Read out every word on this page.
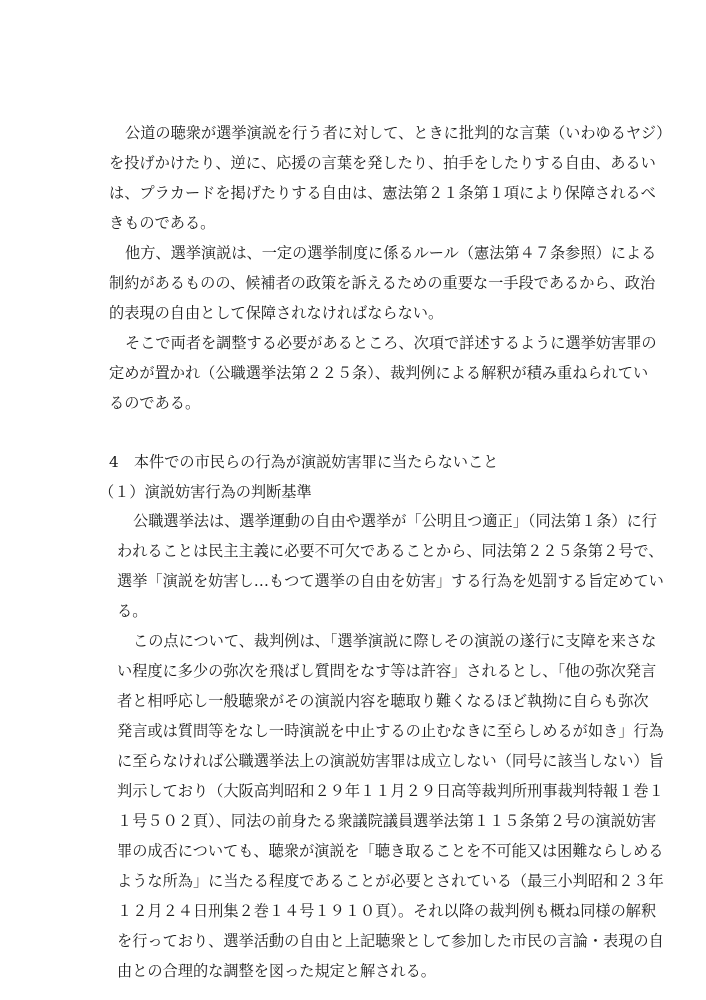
公道の聴衆が選挙演説を行う者に対して、ときに批判的な言葉（いわゆるヤジ）
を投げかけたり、逆に、応援の言葉を発したり、拍手をしたりする自由、あるい
は、プラカードを掲げたりする自由は、憲法第２１条第１項により保障されるべ
きものである。
他方、選挙演説は、一定の選挙制度に係るルール（憲法第４７条参照）による
制約があるものの、候補者の政策を訴えるための重要な一手段であるから、政治
的表現の自由として保障されなければならない。
そこで両者を調整する必要があるところ、次項で詳述するように選挙妨害罪の
定めが置かれ（公職選挙法第２２５条）、裁判例による解釈が積み重ねられてい
るのである。
4　本件での市民らの行為が演説妨害罪に当たらないこと
（１）演説妨害行為の判断基準
公職選挙法は、選挙運動の自由や選挙が「公明且つ適正」（同法第１条）に行
われることは民主主義に必要不可欠であることから、同法第２２５条第２号で、
選挙「演説を妨害し…もつて選挙の自由を妨害」する行為を処罰する旨定めてい
る。
この点について、裁判例は、「選挙演説に際しその演説の遂行に支障を来さな
い程度に多少の弥次を飛ばし質問をなす等は許容」されるとし、「他の弥次発言
者と相呼応し一般聴衆がその演説内容を聴取り難くなるほど執拗に自らも弥次
発言或は質問等をなし一時演説を中止するの止むなきに至らしめるが如き」行為
に至らなければ公職選挙法上の演説妨害罪は成立しない（同号に該当しない）旨
判示しており（大阪高判昭和２９年１１月２９日高等裁判所刑事裁判特報１巻１
１号５０２頁）、同法の前身たる衆議院議員選挙法第１１５条第２号の演説妨害
罪の成否についても、聴衆が演説を「聴き取ることを不可能又は困難ならしめる
ような所為」に当たる程度であることが必要とされている（最三小判昭和２３年
１２月２４日刑集２巻１４号１９１０頁）。それ以降の裁判例も概ね同様の解釈
を行っており、選挙活動の自由と上記聴衆として参加した市民の言論・表現の自
由との合理的な調整を図った規定と解される。
